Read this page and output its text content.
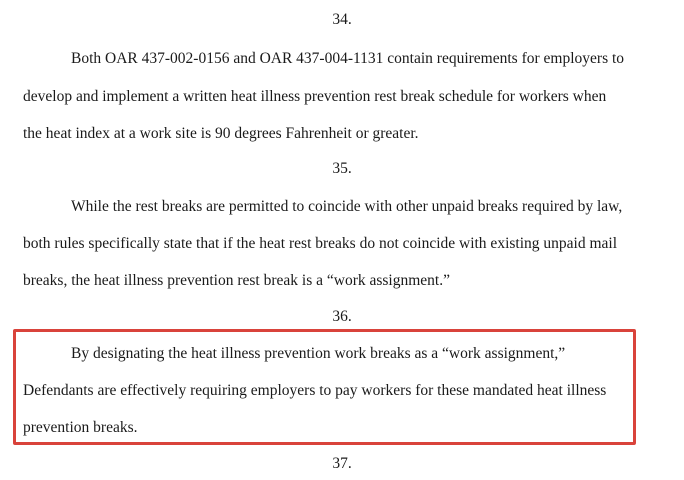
34.
Both OAR 437-002-0156 and OAR 437-004-1131 contain requirements for employers to
develop and implement a written heat illness prevention rest break schedule for workers when
the heat index at a work site is 90 degrees Fahrenheit or greater.
35.
While the rest breaks are permitted to coincide with other unpaid breaks required by law,
both rules specifically state that if the heat rest breaks do not coincide with existing unpaid mail
breaks, the heat illness prevention rest break is a “work assignment.”
36.
By designating the heat illness prevention work breaks as a “work assignment,”
Defendants are effectively requiring employers to pay workers for these mandated heat illness
prevention breaks.
37.
